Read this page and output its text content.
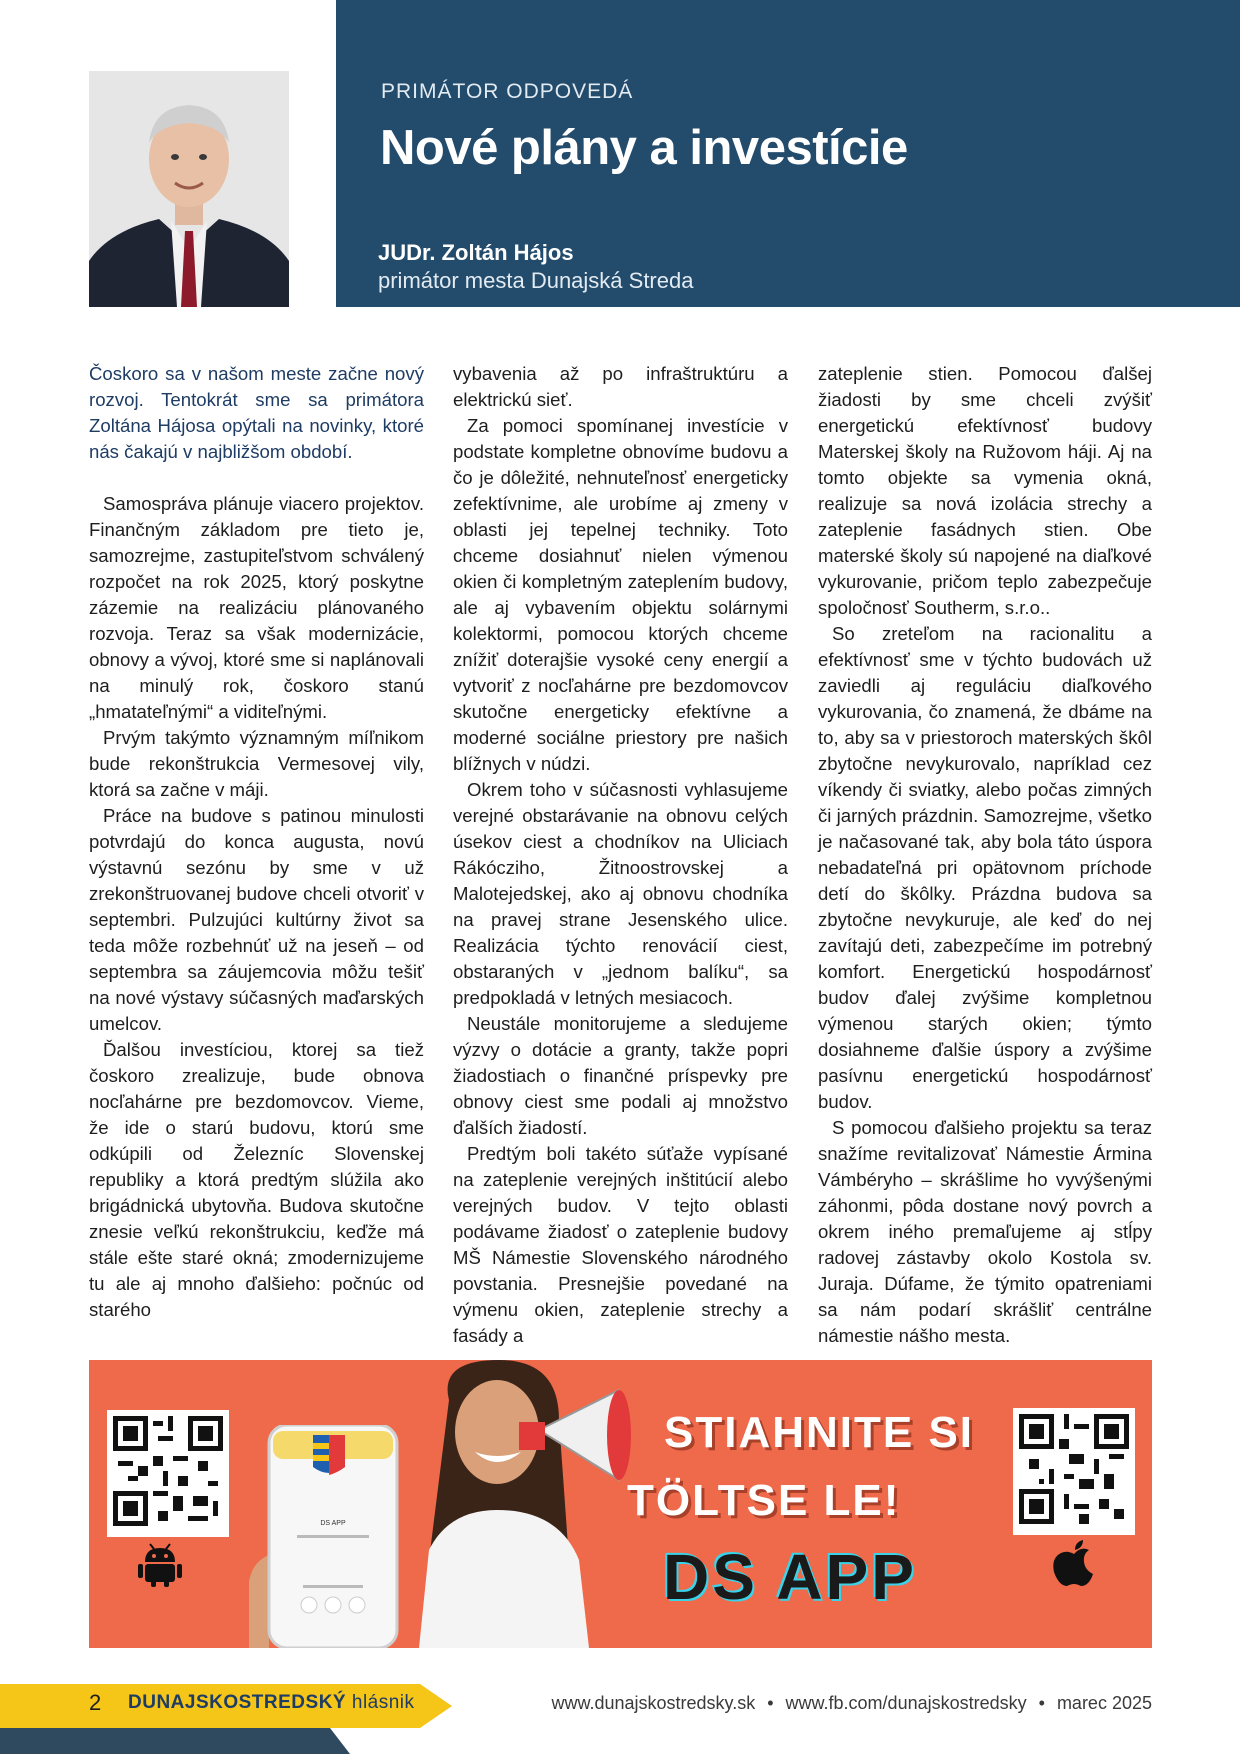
PRIMÁTOR ODPOVEDÁ
Nové plány a investície
JUDr. Zoltán Hájos
primátor mesta Dunajská Streda

Čoskoro sa v našom meste začne nový rozvoj. Tentokrát sme sa primátora Zoltána Hájosa opýtali na novinky, ktoré nás čakajú v najbližšom období.

Samospráva plánuje viacero projektov. Finančným základom pre tieto je, samozrejme, zastupiteľstvom schválený rozpočet na rok 2025, ktorý poskytne zázemie na realizáciu plánovaného rozvoja. Teraz sa však modernizácie, obnovy a vývoj, ktoré sme si naplánovali na minulý rok, čoskoro stanú „hmatateľnými“ a viditeľnými.

Prvým takýmto významným míľnikom bude rekonštrukcia Vermesovej vily, ktorá sa začne v máji.

Práce na budove s patinou minulosti potvrdajú do konca augusta, novú výstavnú sezónu by sme v už zrekonštruovanej budove chceli otvoriť v septembri. Pulzujúci kultúrny život sa teda môže rozbehnúť už na jeseň – od septembra sa záujemcovia môžu tešiť na nové výstavy súčasných maďarských umelcov.

Ďalšou investíciou, ktorej sa tiež čoskoro zrealizuje, bude obnova nocľahárne pre bezdomovcov. Vieme, že ide o starú budovu, ktorú sme odkúpili od Železníc Slovenskej republiky a ktorá predtým slúžila ako brigádnická ubytovňa. Budova skutočne znesie veľkú rekonštrukciu, keďže má stále ešte staré okná; zmodernizujeme tu ale aj mnoho ďalšieho: počnúc od starého

vybavenia až po infraštruktúru a elektrickú sieť.

Za pomoci spomínanej investície v podstate kompletne obnovíme budovu a čo je dôležité, nehnuteľnosť energeticky zefektívnime, ale urobíme aj zmeny v oblasti jej tepelnej techniky. Toto chceme dosiahnuť nielen výmenou okien či kompletným zateplením budovy, ale aj vybavením objektu solárnymi kolektormi, pomocou ktorých chceme znížiť doterajšie vysoké ceny energií a vytvoriť z nocľahárne pre bezdomovcov skutočne energeticky efektívne a moderné sociálne priestory pre našich blížnych v núdzi.

Okrem toho v súčasnosti vyhlasujeme verejné obstarávanie na obnovu celých úsekov ciest a chodníkov na Uliciach Rákócziho, Žitnoostrovskej a Malotejedskej, ako aj obnovu chodníka na pravej strane Jesenského ulice. Realizácia týchto renovácií ciest, obstaraných v „jednom balíku“, sa predpokladá v letných mesiacoch.

Neustále monitorujeme a sledujeme výzvy o dotácie a granty, takže popri žiadostiach o finančné príspevky pre obnovy ciest sme podali aj množstvo ďalších žiadostí.

Predtým boli takéto súťaže vypísané na zateplenie verejných inštitúcií alebo verejných budov. V tejto oblasti podávame žiadosť o zateplenie budovy MŠ Námestie Slovenského národného povstania. Presnejšie povedané na výmenu okien, zateplenie strechy a fasády a

zateplenie stien. Pomocou ďalšej žiadosti by sme chceli zvýšiť energetickú efektívnosť budovy Materskej školy na Ružovom háji. Aj na tomto objekte sa vymenia okná, realizuje sa nová izolácia strechy a zateplenie fasádnych stien. Obe materské školy sú napojené na diaľkové vykurovanie, pričom teplo zabezpečuje spoločnosť Southerm, s.r.o..

So zreteľom na racionalitu a efektívnosť sme v týchto budovách už zaviedli aj reguláciu diaľkového vykurovania, čo znamená, že dbáme na to, aby sa v priestoroch materských škôl zbytočne nevykurovalo, napríklad cez víkendy či sviatky, alebo počas zimných či jarných prázdnin. Samozrejme, všetko je načasované tak, aby bola táto úspora nebadateľná pri opätovnom príchode detí do škôlky. Prázdna budova sa zbytočne nevykuruje, ale keď do nej zavítajú deti, zabezpečíme im potrebný komfort. Energetickú hospodárnosť budov ďalej zvýšime kompletnou výmenou starých okien; týmto dosiahneme ďalšie úspory a zvýšime pasívnu energetickú hospodárnosť budov.

S pomocou ďalšieho projektu sa teraz snažíme revitalizovať Námestie Ármina Vámbéryho – skrášlime ho vyvýšenými záhonmi, pôda dostane nový povrch a okrem iného premaľujeme aj stĺpy radovej zástavby okolo Kostola sv. Juraja. Dúfame, že týmito opatreniami sa nám podarí skrášliť centrálne námestie nášho mesta.

DS APP
STIAHNITE SI
TÖLTSE LE!
DS APP
2 DUNAJSKOSTREDSKÝ hlásnik	www.dunajskostredsky.sk • www.fb.com/dunajskostredsky • marec 2025
